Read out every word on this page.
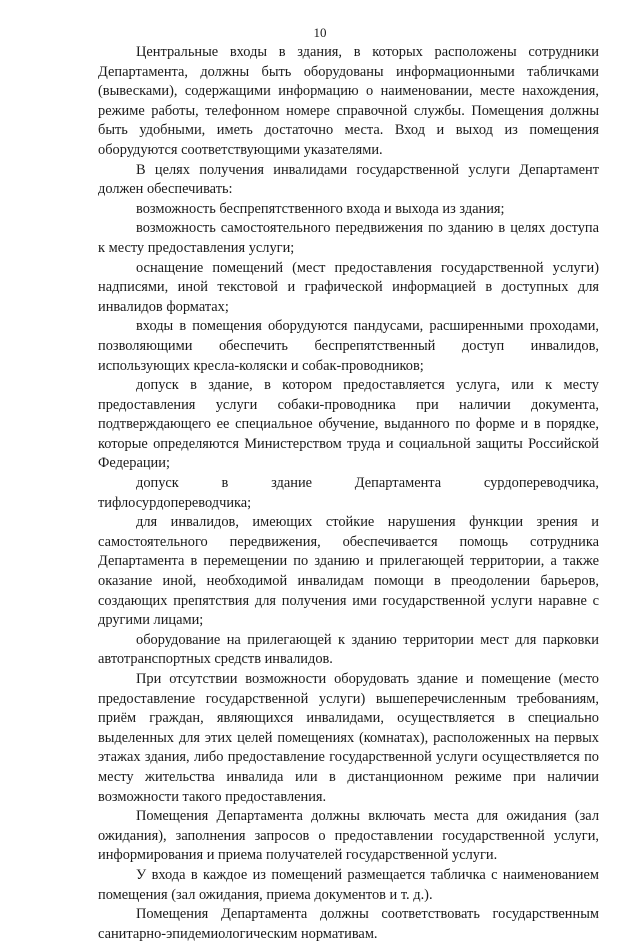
10

Центральные входы в здания, в которых расположены сотрудники Департамента, должны быть оборудованы информационными табличками (вывесками), содержащими информацию о наименовании, месте нахождения, режиме работы, телефонном номере справочной службы. Помещения должны быть удобными, иметь достаточно места. Вход и выход из помещения оборудуются соответствующими указателями.

В целях получения инвалидами государственной услуги Департамент должен обеспечивать:

возможность беспрепятственного входа и выхода из здания;

возможность самостоятельного передвижения по зданию в целях доступа к месту предоставления услуги;

оснащение помещений (мест предоставления государственной услуги) надписями, иной текстовой и графической информацией в доступных для инвалидов форматах;

входы в помещения оборудуются пандусами, расширенными проходами, позволяющими обеспечить беспрепятственный доступ инвалидов, использующих кресла-коляски и собак-проводников;

допуск в здание, в котором предоставляется услуга, или к месту предоставления услуги собаки-проводника при наличии документа, подтверждающего ее специальное обучение, выданного по форме и в порядке, которые определяются Министерством труда и социальной защиты Российской Федерации;

допуск в здание Департамента сурдопереводчика, тифлосурдопереводчика;

для инвалидов, имеющих стойкие нарушения функции зрения и самостоятельного передвижения, обеспечивается помощь сотрудника Департамента в перемещении по зданию и прилегающей территории, а также оказание иной, необходимой инвалидам помощи в преодолении барьеров, создающих препятствия для получения ими государственной услуги наравне с другими лицами;

оборудование на прилегающей к зданию территории мест для парковки автотранспортных средств инвалидов.

При отсутствии возможности оборудовать здание и помещение (место предоставление государственной услуги) вышеперечисленным требованиям, приём граждан, являющихся инвалидами, осуществляется в специально выделенных для этих целей помещениях (комнатах), расположенных на первых этажах здания, либо предоставление государственной услуги осуществляется по месту жительства инвалида или в дистанционном режиме при наличии возможности такого предоставления.

Помещения Департамента должны включать места для ожидания (зал ожидания), заполнения запросов о предоставлении государственной услуги, информирования и приема получателей государственной услуги.

У входа в каждое из помещений размещается табличка с наименованием помещения (зал ожидания, приема документов и т. д.).

Помещения Департамента должны соответствовать государственным санитарно-эпидемиологическим нормативам.
